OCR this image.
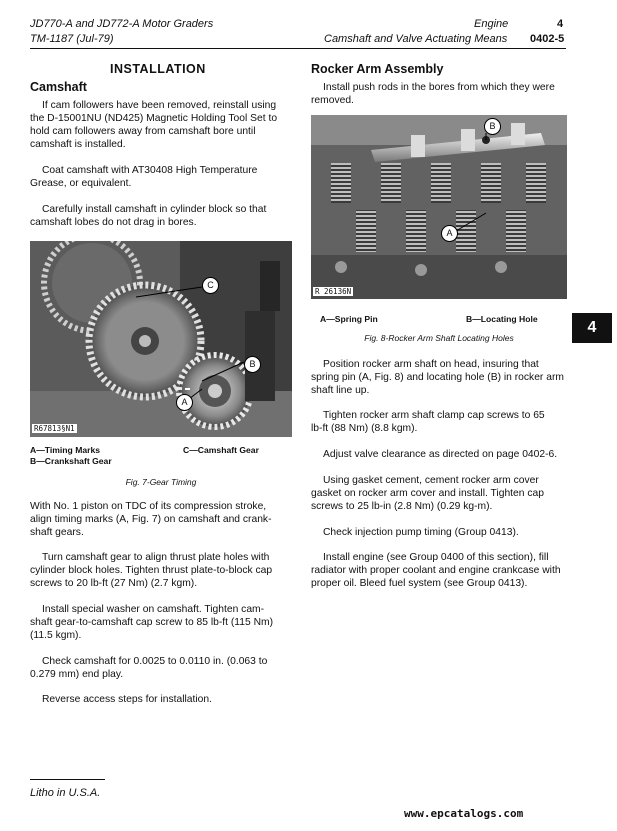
JD770-A and JD772-A Motor Graders
TM-1187 (Jul-79)
Engine	4
Camshaft and Valve Actuating Means 0402-5
INSTALLATION
Camshaft
If cam followers have been removed, reinstall using
the D-15001NU (ND425) Magnetic Holding Tool Set to
hold cam followers away from camshaft bore until
camshaft is installed.
Coat camshaft with AT30408 High Temperature
Grease, or equivalent.
Carefully install camshaft in cylinder block so that
camshaft lobes do not drag in bores.
C
B
A
R67813§N1
A—Timing Marks
B—Crankshaft Gear
C—Camshaft Gear
Fig. 7-Gear Timing
With No. 1 piston on TDC of its compression stroke,
align timing marks (A, Fig. 7) on camshaft and crank-
shaft gears.
Turn camshaft gear to align thrust plate holes with
cylinder block holes. Tighten thrust plate-to-block cap
screws to 20 lb-ft (27 Nm) (2.7 kgm).
Install special washer on camshaft. Tighten cam-
shaft gear-to-camshaft cap screw to 85 lb-ft (115 Nm)
(11.5 kgm).
Check camshaft for 0.0025 to 0.0110 in. (0.063 to
0.279 mm) end play.
Reverse access steps for installation.
Rocker Arm Assembly
Install push rods in the bores from which they were
removed.
B
A
R 26136N
A—Spring Pin	B—Locating Hole
Fig. 8-Rocker Arm Shaft Locating Holes
Position rocker arm shaft on head, insuring that
spring pin (A, Fig. 8) and locating hole (B) in rocker arm
shaft line up.
Tighten rocker arm shaft clamp cap screws to 65
lb-ft (88 Nm) (8.8 kgm).
Adjust valve clearance as directed on page 0402-6.
Using gasket cement, cement rocker arm cover
gasket on rocker arm cover and install. Tighten cap
screws to 25 lb-in (2.8 Nm) (0.29 kg-m).
Check injection pump timing (Group 0413).
Install engine (see Group 0400 of this section), fill
radiator with proper coolant and engine crankcase with
proper oil. Bleed fuel system (see Group 0413).
4
Litho in U.S.A.
www.epcatalogs.com
